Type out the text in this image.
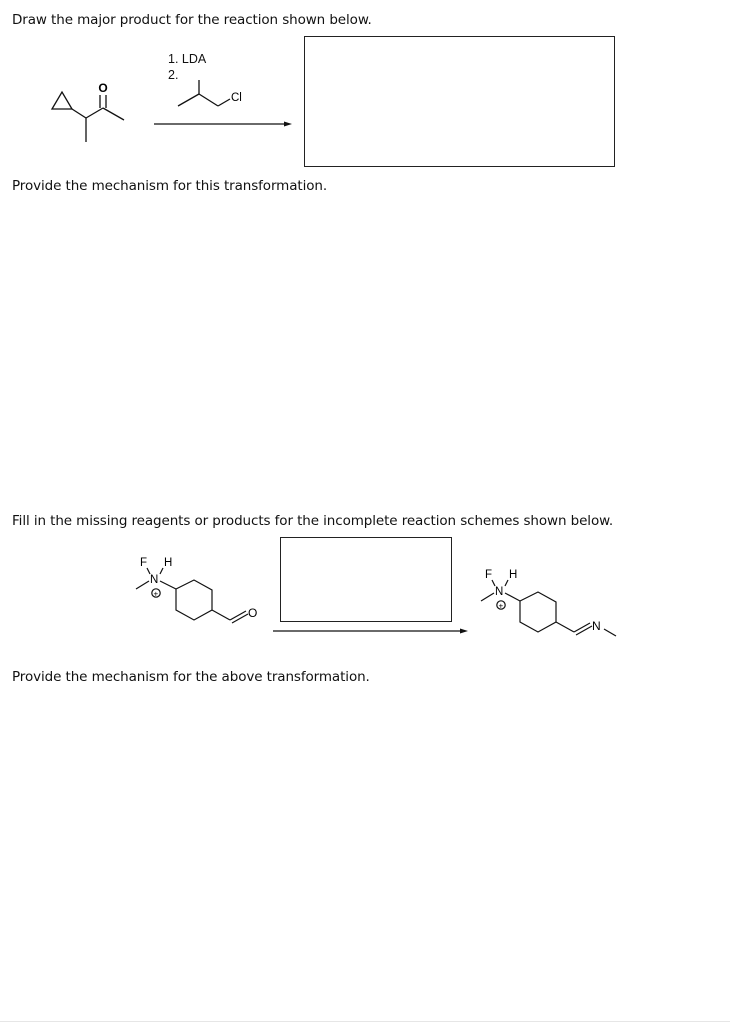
Draw the major product for the reaction shown below.
O
Cl
1. LDA
2.
Provide the mechanism for this transformation.
Fill in the missing reagents or products for the incomplete reaction schemes shown below.
F H
N
+
O
F H
N
+
N
Provide the mechanism for the above transformation.
